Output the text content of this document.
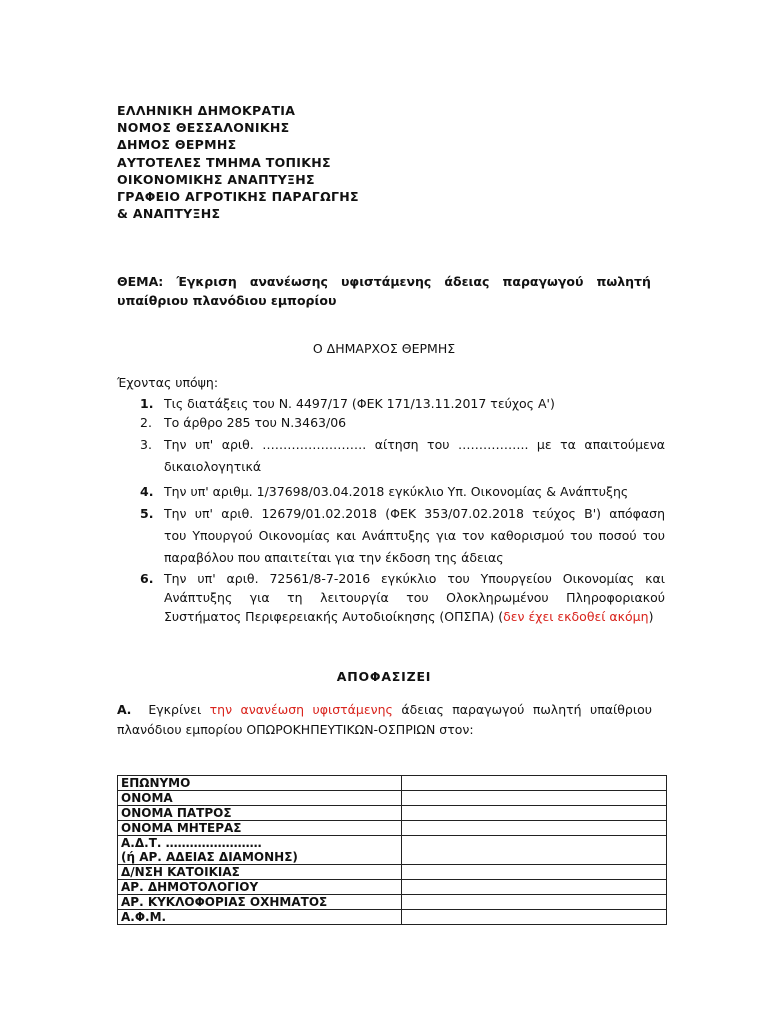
ΕΛΛΗΝΙΚΗ ΔΗΜΟΚΡΑΤΙΑ
ΝΟΜΟΣ ΘΕΣΣΑΛΟΝΙΚΗΣ
ΔΗΜΟΣ ΘΕΡΜΗΣ
ΑΥΤΟΤΕΛΕΣ ΤΜΗΜΑ ΤΟΠΙΚΗΣ
ΟΙΚΟΝΟΜΙΚΗΣ ΑΝΑΠΤΥΞΗΣ
ΓΡΑΦΕΙΟ ΑΓΡΟΤΙΚΗΣ ΠΑΡΑΓΩΓΗΣ
& ΑΝΑΠΤΥΞΗΣ
ΘΕΜΑ: Έγκριση ανανέωσης υφιστάμενης άδειας παραγωγού πωλητή
υπαίθριου πλανόδιου εμπορίου
Ο ΔΗΜΑΡΧΟΣ ΘΕΡΜΗΣ
Έχοντας υπόψη:
1. Τις διατάξεις του Ν. 4497/17 (ΦΕΚ 171/13.11.2017 τεύχος Α')
2. Το άρθρο 285 του Ν.3463/06
3. Την υπ' αριθ. ……………………. αίτηση του …………….. με τα απαιτούμενα
δικαιολογητικά
4. Την υπ' αριθμ. 1/37698/03.04.2018 εγκύκλιο Υπ. Οικονομίας & Ανάπτυξης
5. Την υπ' αριθ. 12679/01.02.2018 (ΦΕΚ 353/07.02.2018 τεύχος Β') απόφαση
του Υπουργού Οικονομίας και Ανάπτυξης για τον καθορισμού του ποσού του
παραβόλου που απαιτείται για την έκδοση της άδειας
6. Την υπ' αριθ. 72561/8-7-2016 εγκύκλιο του Υπουργείου Οικονομίας και
Ανάπτυξης για τη λειτουργία του Ολοκληρωμένου Πληροφοριακού
Συστήματος Περιφερειακής Αυτοδιοίκησης (ΟΠΣΠΑ) (δεν έχει εκδοθεί ακόμη)
ΑΠΟΦΑΣΙΖΕΙ
Α. Εγκρίνει την ανανέωση υφιστάμενης άδειας παραγωγού πωλητή υπαίθριου
πλανόδιου εμπορίου ΟΠΩΡΟΚΗΠΕΥΤΙΚΩΝ-ΟΣΠΡΙΩΝ στον:
ΕΠΩΝΥΜΟ	
ΟΝΟΜΑ	
ΟΝΟΜΑ ΠΑΤΡΟΣ	
ΟΝΟΜΑ ΜΗΤΕΡΑΣ	

Α.Δ.Τ. ……………………
(ή ΑΡ. ΑΔΕΙΑΣ ΔΙΑΜΟΝΗΣ)	

Δ/ΝΣΗ ΚΑΤΟΙΚΙΑΣ	
ΑΡ. ΔΗΜΟΤΟΛΟΓΙΟΥ	
ΑΡ. ΚΥΚΛΟΦΟΡΙΑΣ ΟΧΗΜΑΤΟΣ	
Α.Φ.Μ.	
